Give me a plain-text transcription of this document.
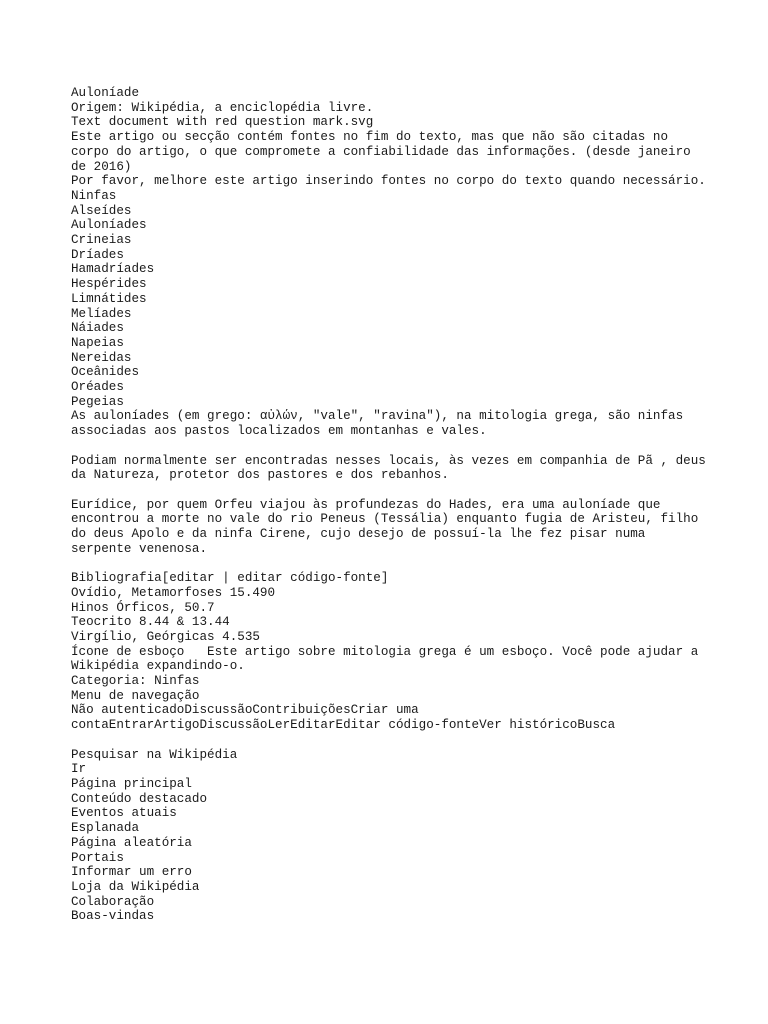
Auloníade
Origem: Wikipédia, a enciclopédia livre.
Text document with red question mark.svg
Este artigo ou secção contém fontes no fim do texto, mas que não são citadas no corpo do artigo, o que compromete a confiabilidade das informações. (desde janeiro de 2016)
Por favor, melhore este artigo inserindo fontes no corpo do texto quando necessário.
Ninfas
Alseídes
Auloníades
Crineias
Dríades
Hamadríades
Hespérides
Limnátides
Melíades
Náiades
Napeias
Nereidas
Oceânides
Oréades
Pegeias
As auloníades (em grego: αὐλών, "vale", "ravina"), na mitologia grega, são ninfas associadas aos pastos localizados em montanhas e vales.
Podiam normalmente ser encontradas nesses locais, às vezes em companhia de Pã , deus da Natureza, protetor dos pastores e dos rebanhos.
Eurídice, por quem Orfeu viajou às profundezas do Hades, era uma auloníade que encontrou a morte no vale do rio Peneus (Tessália) enquanto fugia de Aristeu, filho do deus Apolo e da ninfa Cirene, cujo desejo de possuí-la lhe fez pisar numa serpente venenosa.
Bibliografia[editar | editar código-fonte]
Ovídio, Metamorfoses 15.490
Hinos Órficos, 50.7
Teocrito 8.44 & 13.44
Virgílio, Geórgicas 4.535
Ícone de esboço   Este artigo sobre mitologia grega é um esboço. Você pode ajudar a Wikipédia expandindo-o.
Categoria: Ninfas
Menu de navegação
Não autenticadoDiscussãoContribuiçõesCriar uma contaEntrarArtigoDiscussãoLerEditarEditar código-fonteVer históricoBusca
Pesquisar na Wikipédia
Ir
Página principal
Conteúdo destacado
Eventos atuais
Esplanada
Página aleatória
Portais
Informar um erro
Loja da Wikipédia
Colaboração
Boas-vindas
